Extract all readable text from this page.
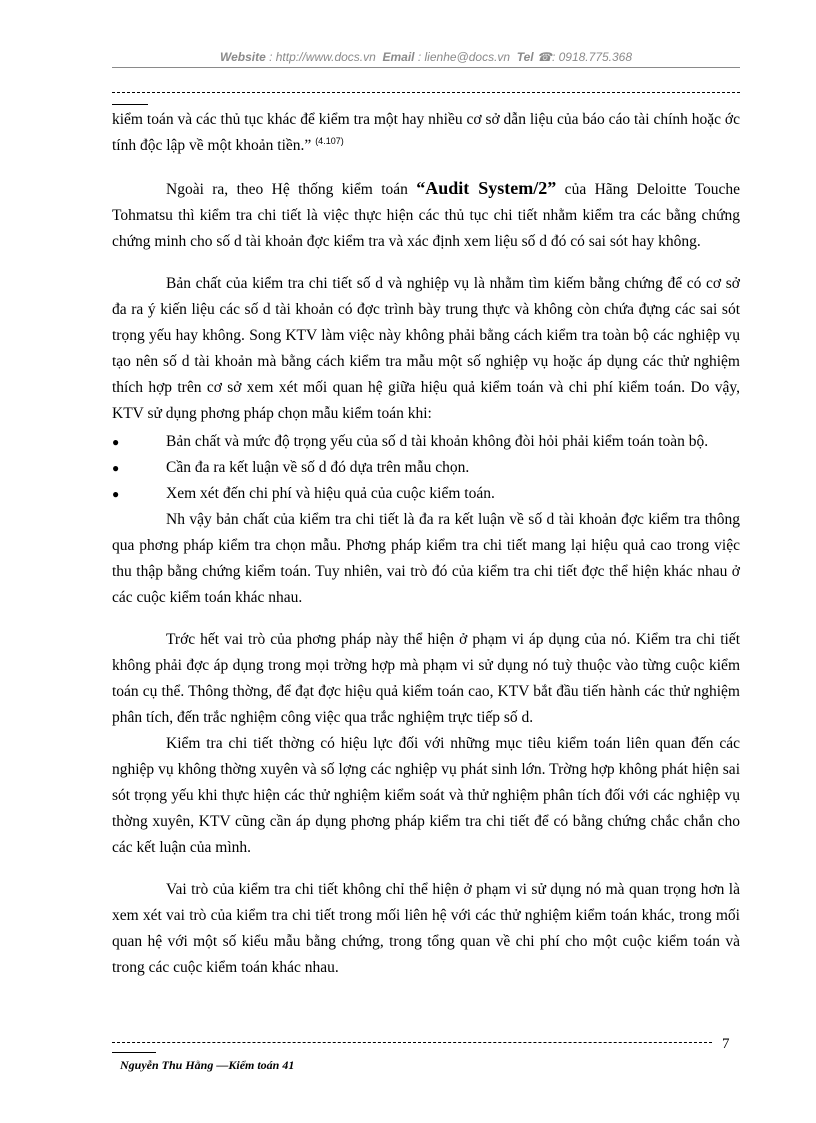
Website : http://www.docs.vn Email : lienhe@docs.vn Tel ☎: 0918.775.368

kiểm toán và các thủ tục khác để kiểm tra một hay nhiều cơ sở dẫn liệu của báo cáo tài chính hoặc ớc tính độc lập về một khoản tiền.” $^{(4.107)}$

Ngoài ra, theo Hệ thống kiểm toán “Audit System/2” của Hãng Deloitte Touche Tohmatsu thì kiểm tra chi tiết là việc thực hiện các thủ tục chi tiết nhằm kiểm tra các bằng chứng chứng minh cho số d tài khoản đợc kiểm tra và xác định xem liệu số d đó có sai sót hay không.

Bản chất của kiểm tra chi tiết số d và nghiệp vụ là nhằm tìm kiếm bằng chứng để có cơ sở đa ra ý kiến liệu các số d tài khoản có đợc trình bày trung thực và không còn chứa đựng các sai sót trọng yếu hay không. Song KTV làm việc này không phải bằng cách kiểm tra toàn bộ các nghiệp vụ tạo nên số d tài khoản mà bằng cách kiểm tra mẫu một số nghiệp vụ hoặc áp dụng các thử nghiệm thích hợp trên cơ sở xem xét mối quan hệ giữa hiệu quả kiểm toán và chi phí kiểm toán. Do vậy, KTV sử dụng phơng pháp chọn mẫu kiểm toán khi:

●	Bản chất và mức độ trọng yếu của số d tài khoản không đòi hỏi phải kiểm toán toàn bộ.
●	Cần đa ra kết luận về số d đó dựa trên mẫu chọn.
●	Xem xét đến chi phí và hiệu quả của cuộc kiểm toán.

Nh vậy bản chất của kiểm tra chi tiết là đa ra kết luận về số d tài khoản đợc kiểm tra thông qua phơng pháp kiểm tra chọn mẫu. Phơng pháp kiểm tra chi tiết mang lại hiệu quả cao trong việc thu thập bằng chứng kiểm toán. Tuy nhiên, vai trò đó của kiểm tra chi tiết đợc thể hiện khác nhau ở các cuộc kiểm toán khác nhau.

Trớc hết vai trò của phơng pháp này thể hiện ở phạm vi áp dụng của nó. Kiểm tra chi tiết không phải đợc áp dụng trong mọi trờng hợp mà phạm vi sử dụng nó tuỳ thuộc vào từng cuộc kiểm toán cụ thể. Thông thờng, để đạt đợc hiệu quả kiểm toán cao, KTV bắt đầu tiến hành các thử nghiệm phân tích, đến trắc nghiệm công việc qua trắc nghiệm trực tiếp số d.

Kiểm tra chi tiết thờng có hiệu lực đối với những mục tiêu kiểm toán liên quan đến các nghiệp vụ không thờng xuyên và số lợng các nghiệp vụ phát sinh lớn. Trờng hợp không phát hiện sai sót trọng yếu khi thực hiện các thử nghiệm kiểm soát và thử nghiệm phân tích đối với các nghiệp vụ thờng xuyên, KTV cũng cần áp dụng phơng pháp kiểm tra chi tiết để có bằng chứng chắc chắn cho các kết luận của mình.

Vai trò của kiểm tra chi tiết không chỉ thể hiện ở phạm vi sử dụng nó mà quan trọng hơn là xem xét vai trò của kiểm tra chi tiết trong mối liên hệ với các thử nghiệm kiểm toán khác, trong mối quan hệ với một số kiểu mẫu bằng chứng, trong tổng quan về chi phí cho một cuộc kiểm toán và trong các cuộc kiểm toán khác nhau.

7
Nguyễn Thu Hằng —Kiểm toán 41
